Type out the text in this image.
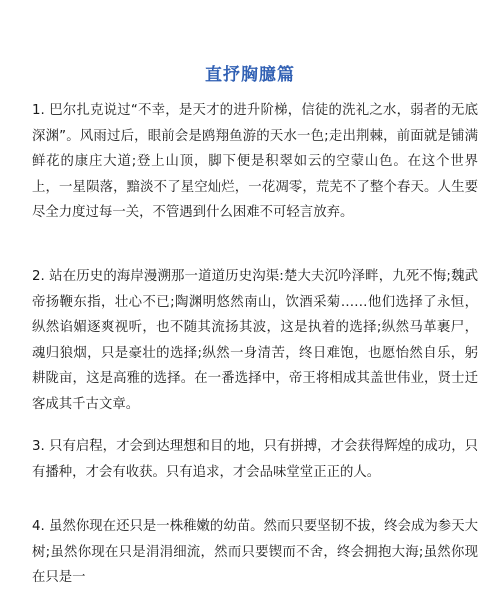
直抒胸臆篇

1. 巴尔扎克说过“不幸，是天才的进升阶梯，信徒的洗礼之水，弱者的无底深渊”。风雨过后，眼前会是鸥翔鱼游的天水一色;走出荆棘，前面就是铺满鲜花的康庄大道;登上山顶，脚下便是积翠如云的空蒙山色。在这个世界上，一星陨落，黯淡不了星空灿烂，一花凋零，荒芜不了整个春天。人生要尽全力度过每一关，不管遇到什么困难不可轻言放弃。

2. 站在历史的海岸漫溯那一道道历史沟渠:楚大夫沉吟泽畔，九死不悔;魏武帝扬鞭东指，壮心不已;陶渊明悠然南山，饮酒采菊……他们选择了永恒，纵然谄媚逐爽视听，也不随其流扬其波，这是执着的选择;纵然马革裹尸，魂归狼烟，只是豪壮的选择;纵然一身清苦，终日难饱，也愿怡然自乐，躬耕陇亩，这是高雅的选择。在一番选择中，帝王将相成其盖世伟业，贤士迁客成其千古文章。

3. 只有启程，才会到达理想和目的地，只有拼搏，才会获得辉煌的成功，只有播种，才会有收获。只有追求，才会品味堂堂正正的人。

4. 虽然你现在还只是一株稚嫩的幼苗。然而只要坚韧不拔，终会成为参天大树;虽然你现在只是涓涓细流，然而只要锲而不舍，终会拥抱大海;虽然你现在只是一
